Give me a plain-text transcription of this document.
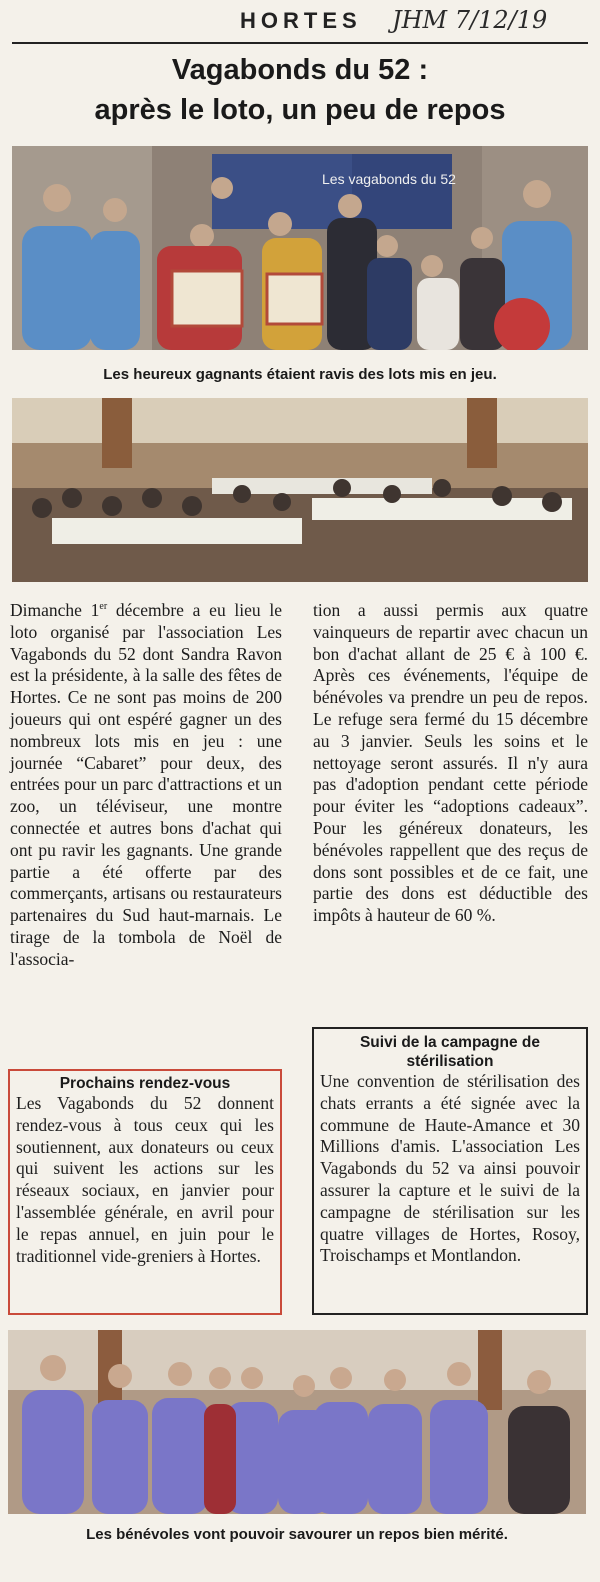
HORTES JHM 7/12/19
Vagabonds du 52 :
après le loto, un peu de repos
Les vagabonds du 52
Les heureux gagnants étaient ravis des lots mis en jeu.

Dimanche 1er décembre a eu lieu le loto organisé par l'association Les Vagabonds du 52 dont Sandra Ravon est la présidente, à la salle des fêtes de Hortes. Ce ne sont pas moins de 200 joueurs qui ont espéré gagner un des nombreux lots mis en jeu : une journée “Cabaret” pour deux, des entrées pour un parc d'attractions et un zoo, un téléviseur, une montre connectée et autres bons d'achat qui ont pu ravir les gagnants. Une grande partie a été offerte par des commerçants, artisans ou restaurateurs partenaires du Sud haut-marnais. Le tirage de la tombola de Noël de l'associa-

tion a aussi permis aux quatre vainqueurs de repartir avec chacun un bon d'achat allant de 25 € à 100 €. Après ces événements, l'équipe de bénévoles va prendre un peu de repos. Le refuge sera fermé du 15 décembre au 3 janvier. Seuls les soins et le nettoyage seront assurés. Il n'y aura pas d'adoption pendant cette période pour éviter les “adoptions cadeaux”. Pour les généreux donateurs, les bénévoles rappellent que des reçus de dons sont possibles et de ce fait, une partie des dons est déductible des impôts à hauteur de 60 %.

Prochains rendez-vous
Les Vagabonds du 52 donnent rendez-vous à tous ceux qui les soutiennent, aux donateurs ou ceux qui suivent les actions sur les réseaux sociaux, en janvier pour l'assemblée générale, en avril pour le repas annuel, en juin pour le traditionnel vide-greniers à Hortes.
Suivi de la campagne de stérilisation
Une convention de stérilisation des chats errants a été signée avec la commune de Haute-Amance et 30 Millions d'amis. L'association Les Vagabonds du 52 va ainsi pouvoir assurer la capture et le suivi de la campagne de stérilisation sur les quatre villages de Hortes, Rosoy, Troischamps et Montlandon.
Les bénévoles vont pouvoir savourer un repos bien mérité.
